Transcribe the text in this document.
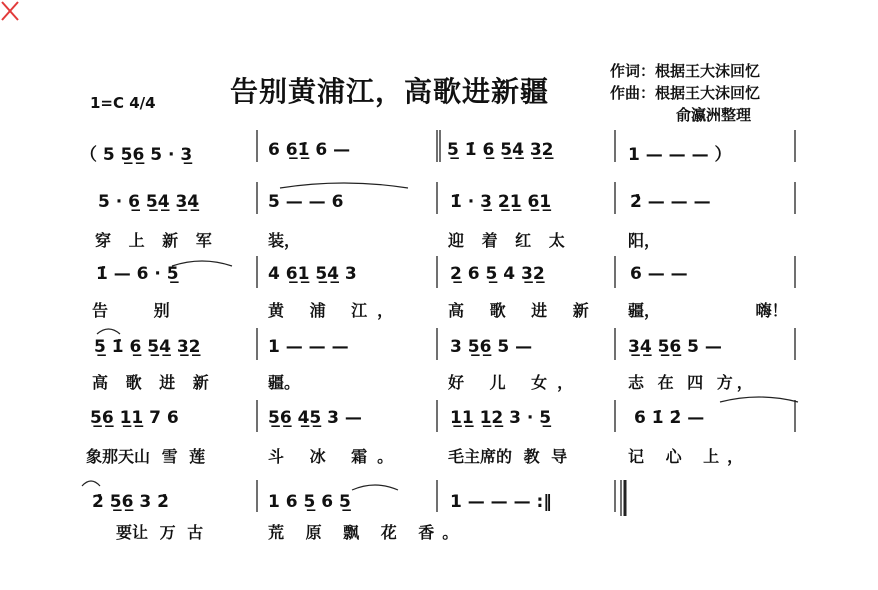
告别黄浦江，高歌进新疆
1=C 4/4
作词：根据王大沫回忆
作曲：根据王大沫回忆
俞瀛洲整理
（ 5 5̲6̲ 5 · 3̲	6 6̲1̲̇ 6 —	5̲ 1̇ 6̲ 5̲4̲ 3̲2̲	1 — — — ）
5 · 6̲ 5̲4̲ 3̲4̲	5 — — 6	1̇ · 3̲ 2̲1̲ 6̲1̲	2̇ — — —
穿 上 新 军	装，	迎 着 红 太	阳，
1̇ — 6 · 5̲	4 6̲1̲ 5̲4̲ 3	2̲ 6 5̲ 4 3̲2̲	6 — —
告 别	黄 浦 江，	高 歌 进 新 疆， 嗨！
5̲ 1̇ 6̲ 5̲4̲ 3̲2̲	1 — — —	3 5̲6̲ 5 —	3̲4̲ 5̲6̲ 5 —
高 歌 进 新	疆。	好 儿 女，	志 在 四 方，
5̲6̲ 1̲1̲ 7 6	5̲6̲ 4̲5̲ 3 —	1̲1̲ 1̲2̲ 3 · 5̲	6 1̇ 2̇ —
象那天山 雪 莲	斗 冰 霜。	毛主席的 教 导	记 心 上，
2̇ 5̲6̲ 3 2̇	1 6 5̲ 6 5̲	1 — — — :‖
要让 万 古	荒 原 飘 花 香。
